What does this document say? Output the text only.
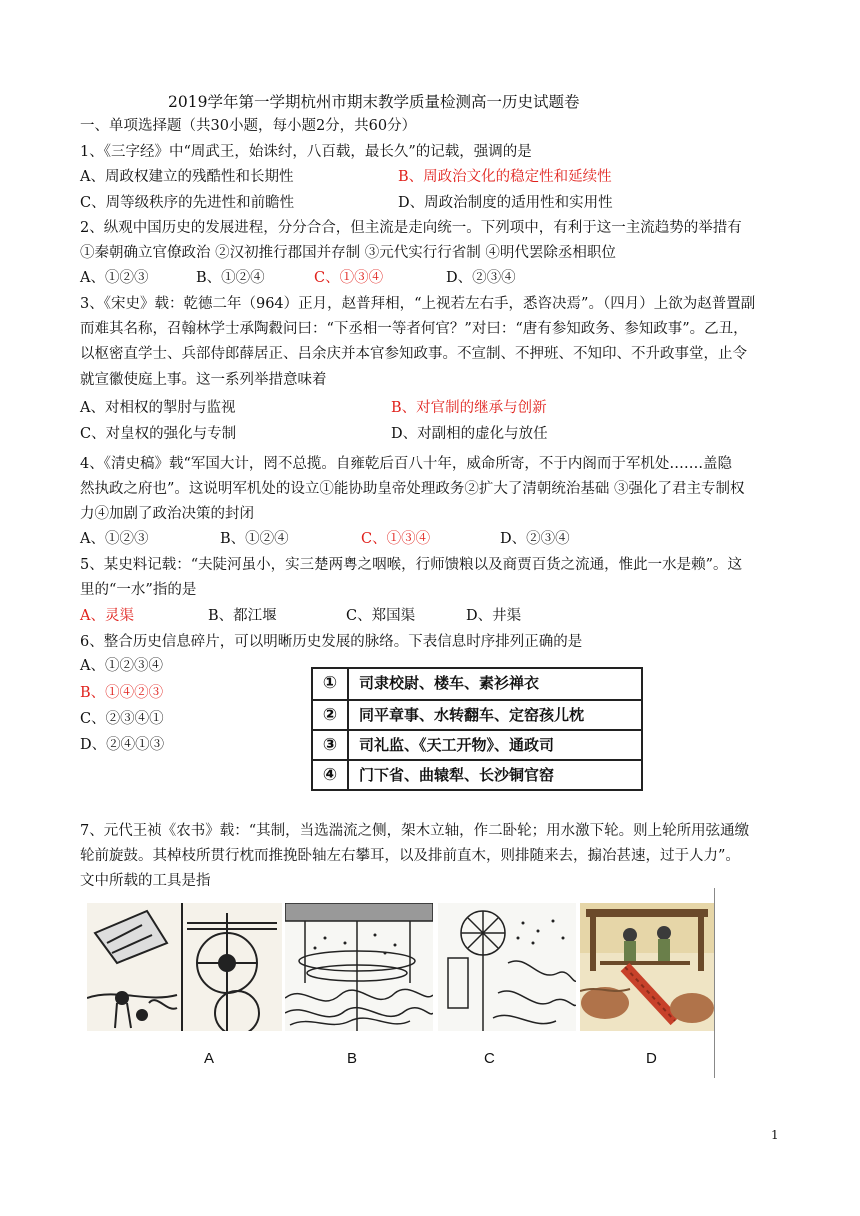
2019学年第一学期杭州市期末教学质量检测高一历史试题卷
一、单项选择题（共30小题，每小题2分，共60分）
1、《三字经》中“周武王，始诛纣，八百载，最长久”的记载，强调的是
A、周政权建立的残酷性和长期性	B、周政治文化的稳定性和延续性
C、周等级秩序的先进性和前瞻性	D、周政治制度的适用性和实用性
2、纵观中国历史的发展进程，分分合合，但主流是走向统一。下列项中，有利于这一主流趋势的举措有
①秦朝确立官僚政治 ②汉初推行郡国并存制 ③元代实行行省制 ④明代罢除丞相职位
A、①②③	B、①②④	C、①③④	D、②③④
3、《宋史》载：乾德二年（964）正月，赵普拜相，“上视若左右手，悉咨决焉”。（四月）上欲为赵普置副
而难其名称，召翰林学士承陶縠问曰：“下丞相一等者何官？”对曰：“唐有参知政务、参知政事”。乙丑，
以枢密直学士、兵部侍郎薛居正、吕余庆并本官参知政事。不宣制、不押班、不知印、不升政事堂，止令
就宣徽使庭上事。这一系列举措意味着
A、对相权的掣肘与监视	B、对官制的继承与创新
C、对皇权的强化与专制	D、对副相的虚化与放任
4、《清史稿》载“军国大计，罔不总揽。自雍乾后百八十年，威命所寄，不于内阁而于军机处…….盖隐
然执政之府也”。这说明军机处的设立①能协助皇帝处理政务②扩大了清朝统治基础 ③强化了君主专制权
力④加剧了政治决策的封闭
A、①②③	B、①②④	C、①③④	D、②③④
5、某史料记载：“夫陡河虽小，实三楚两粤之咽喉，行师馈粮以及商贾百货之流通，惟此一水是赖”。这
里的“一水”指的是
A、灵渠	B、都江堰	C、郑国渠	D、井渠
6、整合历史信息碎片，可以明晰历史发展的脉络。下表信息时序排列正确的是
A、①②③④
B、①④②③
C、②③④①
D、②④①③
①	司隶校尉、楼车、素衫禅衣
②	同平章事、水转翻车、定窑孩儿枕
③	司礼监、《天工开物》、通政司
④	门下省、曲辕犁、长沙铜官窑
7、元代王祯《农书》载：“其制，当选湍流之侧，架木立轴，作二卧轮；用水激下轮。则上轮所用弦通缴
轮前旋鼓。其棹枝所贯行枕而推挽卧轴左右攀耳，以及排前直木，则排随来去，搧冶甚速，过于人力”。
文中所载的工具是指
A	B	C	D
1
